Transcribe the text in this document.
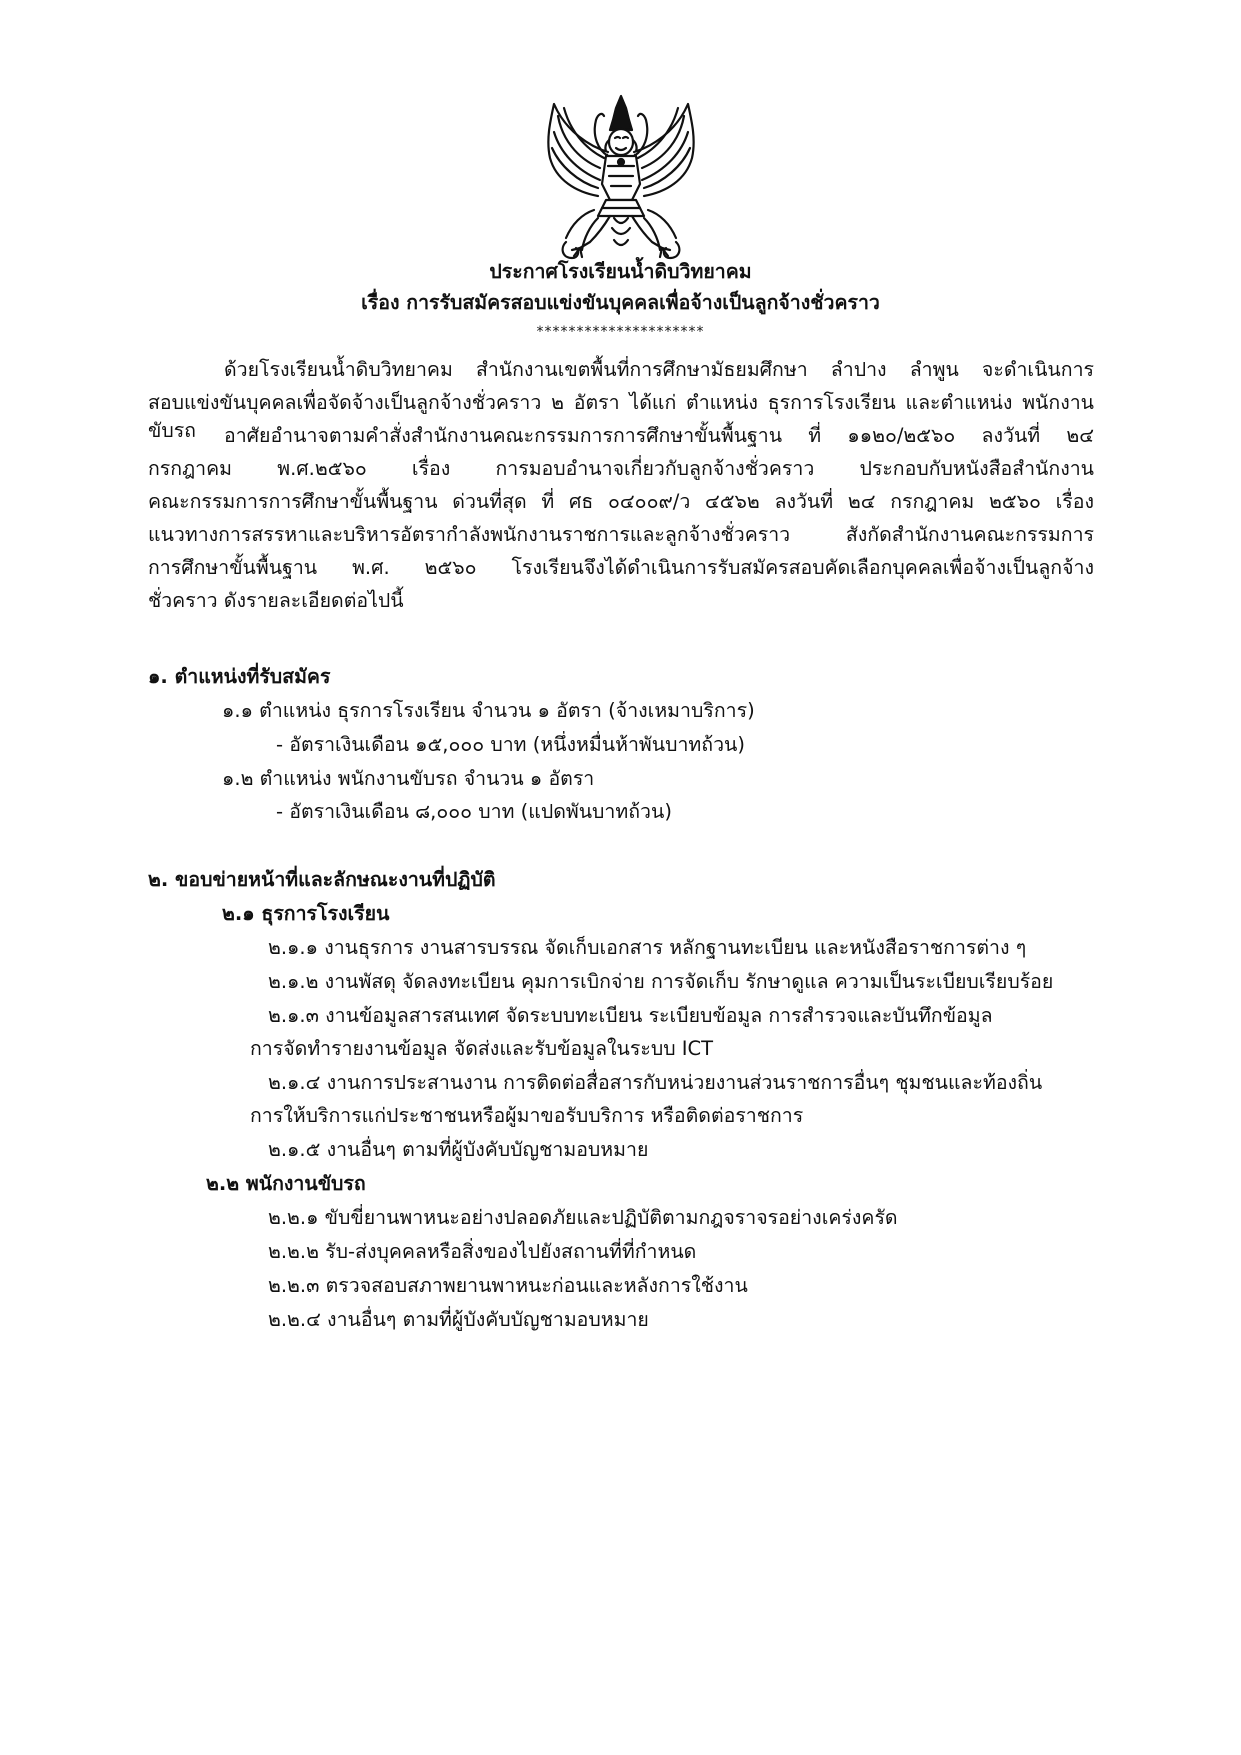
ประกาศโรงเรียนน้ำดิบวิทยาคม
เรื่อง การรับสมัครสอบแข่งขันบุคคลเพื่อจ้างเป็นลูกจ้างชั่วคราว
*********************
ด้วยโรงเรียนน้ำดิบวิทยาคม สำนักงานเขตพื้นที่การศึกษามัธยมศึกษา ลำปาง ลำพูน จะดำเนินการ
สอบแข่งขันบุคคลเพื่อจัดจ้างเป็นลูกจ้างชั่วคราว ๒ อัตรา ได้แก่ ตำแหน่ง ธุรการโรงเรียน และตำแหน่ง พนักงานขับรถ	อาศัยอำนาจตามคำสั่งสำนักงานคณะกรรมการการศึกษาขั้นพื้นฐาน ที่ ๑๑๒๐/๒๕๖๐ ลงวันที่ ๒๔
กรกฎาคม พ.ศ.๒๕๖๐ เรื่อง การมอบอำนาจเกี่ยวกับลูกจ้างชั่วคราว ประกอบกับหนังสือสำนักงาน
คณะกรรมการการศึกษาขั้นพื้นฐาน ด่วนที่สุด ที่ ศธ ๐๔๐๐๙/ว ๔๕๖๒ ลงวันที่ ๒๔ กรกฎาคม ๒๕๖๐ เรื่อง
แนวทางการสรรหาและบริหารอัตรากำลังพนักงานราชการและลูกจ้างชั่วคราว สังกัดสำนักงานคณะกรรมการ
การศึกษาขั้นพื้นฐาน พ.ศ. ๒๕๖๐ โรงเรียนจึงได้ดำเนินการรับสมัครสอบคัดเลือกบุคคลเพื่อจ้างเป็นลูกจ้าง
ชั่วคราว ดังรายละเอียดต่อไปนี้
๑. ตำแหน่งที่รับสมัคร
๑.๑ ตำแหน่ง ธุรการโรงเรียน จำนวน ๑ อัตรา (จ้างเหมาบริการ)
- อัตราเงินเดือน ๑๕,๐๐๐ บาท (หนึ่งหมื่นห้าพันบาทถ้วน)
๑.๒ ตำแหน่ง พนักงานขับรถ จำนวน ๑ อัตรา
- อัตราเงินเดือน ๘,๐๐๐ บาท (แปดพันบาทถ้วน)
๒. ขอบข่ายหน้าที่และลักษณะงานที่ปฏิบัติ
๒.๑ ธุรการโรงเรียน
๒.๑.๑ งานธุรการ งานสารบรรณ จัดเก็บเอกสาร หลักฐานทะเบียน และหนังสือราชการต่าง ๆ
๒.๑.๒ งานพัสดุ จัดลงทะเบียน คุมการเบิกจ่าย การจัดเก็บ รักษาดูแล ความเป็นระเบียบเรียบร้อย
๒.๑.๓ งานข้อมูลสารสนเทศ จัดระบบทะเบียน ระเบียบข้อมูล การสำรวจและบันทึกข้อมูล
การจัดทำรายงานข้อมูล จัดส่งและรับข้อมูลในระบบ ICT
๒.๑.๔ งานการประสานงาน การติดต่อสื่อสารกับหน่วยงานส่วนราชการอื่นๆ ชุมชนและท้องถิ่น
การให้บริการแก่ประชาชนหรือผู้มาขอรับบริการ หรือติดต่อราชการ
๒.๑.๕ งานอื่นๆ ตามที่ผู้บังคับบัญชามอบหมาย
๒.๒ พนักงานขับรถ
๒.๒.๑ ขับขี่ยานพาหนะอย่างปลอดภัยและปฏิบัติตามกฎจราจรอย่างเคร่งครัด
๒.๒.๒ รับ-ส่งบุคคลหรือสิ่งของไปยังสถานที่ที่กำหนด
๒.๒.๓ ตรวจสอบสภาพยานพาหนะก่อนและหลังการใช้งาน
๒.๒.๔ งานอื่นๆ ตามที่ผู้บังคับบัญชามอบหมาย
